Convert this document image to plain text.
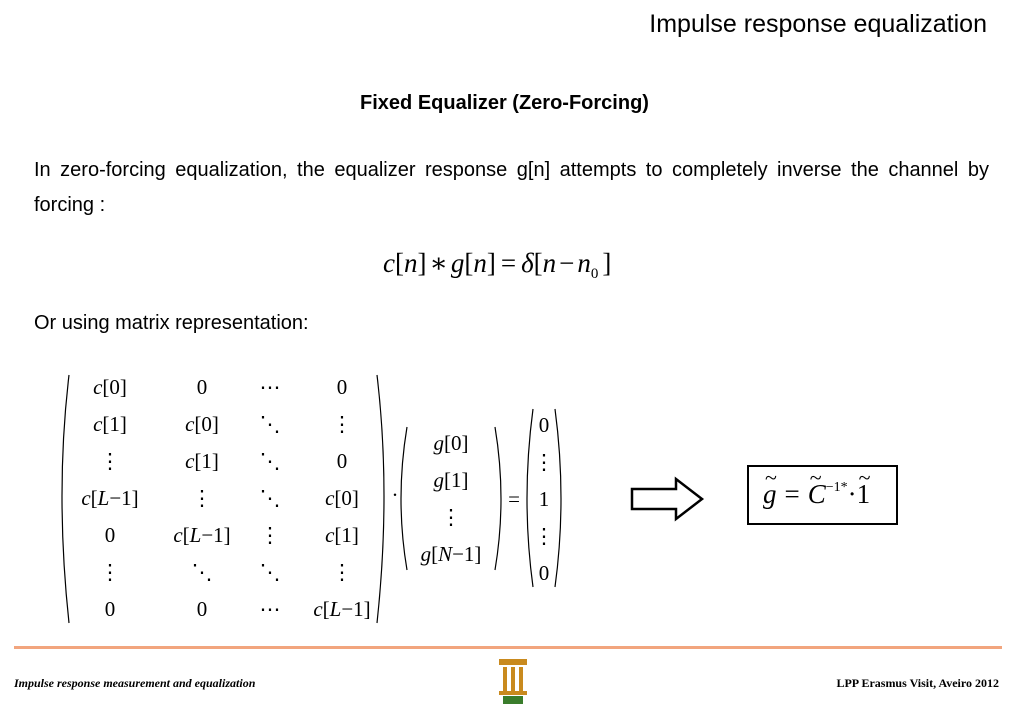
Impulse response equalization
Fixed Equalizer (Zero-Forcing)
In zero-forcing equalization, the equalizer response g[n] attempts to completely inverse the channel by forcing :
c[n] ∗ $g[n] = \delta[n - n_0$ ]
Or using matrix representation:
c[0]	0	⋯	0
c[1]	c[0]	⋱	⋮
⋮	c[1]	⋱	0
c[L−1]	⋮	⋱	c[0]
0	c[L−1]	⋮	c[1]
⋮	⋱	⋱	⋮
0	0	⋯	c[L−1]
·
g[0]
g[1]
⋮
g[N−1]
=
0
⋮
1
⋮
0
~ g =~ $C^{-1*}\cdot\sim$ 1
Impulse response measurement and equalization	LPP Erasmus Visit, Aveiro 2012
